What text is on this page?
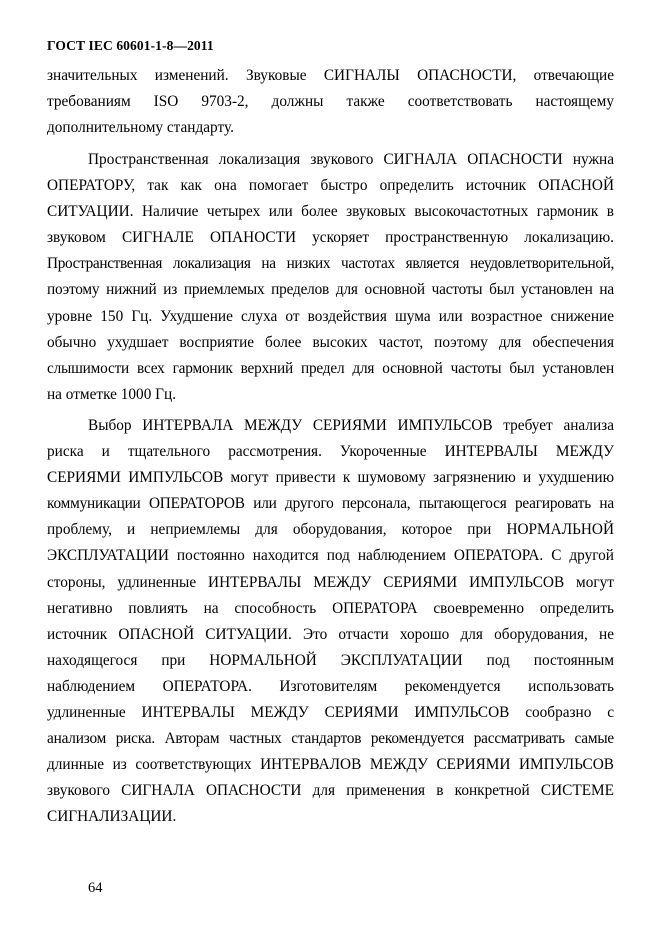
ГОСТ IEC 60601-1-8—2011
значительных изменений. Звуковые СИГНАЛЫ ОПАСНОСТИ, отвечающие
требованиям ISO 9703-2, должны также соответствовать настоящему
дополнительному стандарту.
Пространственная локализация звукового СИГНАЛА ОПАСНОСТИ нужна
ОПЕРАТОРУ, так как она помогает быстро определить источник ОПАСНОЙ
СИТУАЦИИ. Наличие четырех или более звуковых высокочастотных гармоник в
звуковом СИГНАЛЕ ОПАНОСТИ ускоряет пространственную локализацию.
Пространственная локализация на низких частотах является неудовлетворительной,
поэтому нижний из приемлемых пределов для основной частоты был установлен на
уровне 150 Гц. Ухудшение слуха от воздействия шума или возрастное снижение
обычно ухудшает восприятие более высоких частот, поэтому для обеспечения
слышимости всех гармоник верхний предел для основной частоты был установлен
на отметке 1000 Гц.
Выбор ИНТЕРВАЛА МЕЖДУ СЕРИЯМИ ИМПУЛЬСОВ требует анализа
риска и тщательного рассмотрения. Укороченные ИНТЕРВАЛЫ МЕЖДУ
СЕРИЯМИ ИМПУЛЬСОВ могут привести к шумовому загрязнению и ухудшению
коммуникации ОПЕРАТОРОВ или другого персонала, пытающегося реагировать на
проблему, и неприемлемы для оборудования, которое при НОРМАЛЬНОЙ
ЭКСПЛУАТАЦИИ постоянно находится под наблюдением ОПЕРАТОРА. С другой
стороны, удлиненные ИНТЕРВАЛЫ МЕЖДУ СЕРИЯМИ ИМПУЛЬСОВ могут
негативно повлиять на способность ОПЕРАТОРА своевременно определить
источник ОПАСНОЙ СИТУАЦИИ. Это отчасти хорошо для оборудования, не
находящегося при НОРМАЛЬНОЙ ЭКСПЛУАТАЦИИ под постоянным
наблюдением ОПЕРАТОРА. Изготовителям рекомендуется использовать
удлиненные ИНТЕРВАЛЫ МЕЖДУ СЕРИЯМИ ИМПУЛЬСОВ сообразно с
анализом риска. Авторам частных стандартов рекомендуется рассматривать самые
длинные из соответствующих ИНТЕРВАЛОВ МЕЖДУ СЕРИЯМИ ИМПУЛЬСОВ
звукового СИГНАЛА ОПАСНОСТИ для применения в конкретной СИСТЕМЕ
СИГНАЛИЗАЦИИ.
64
